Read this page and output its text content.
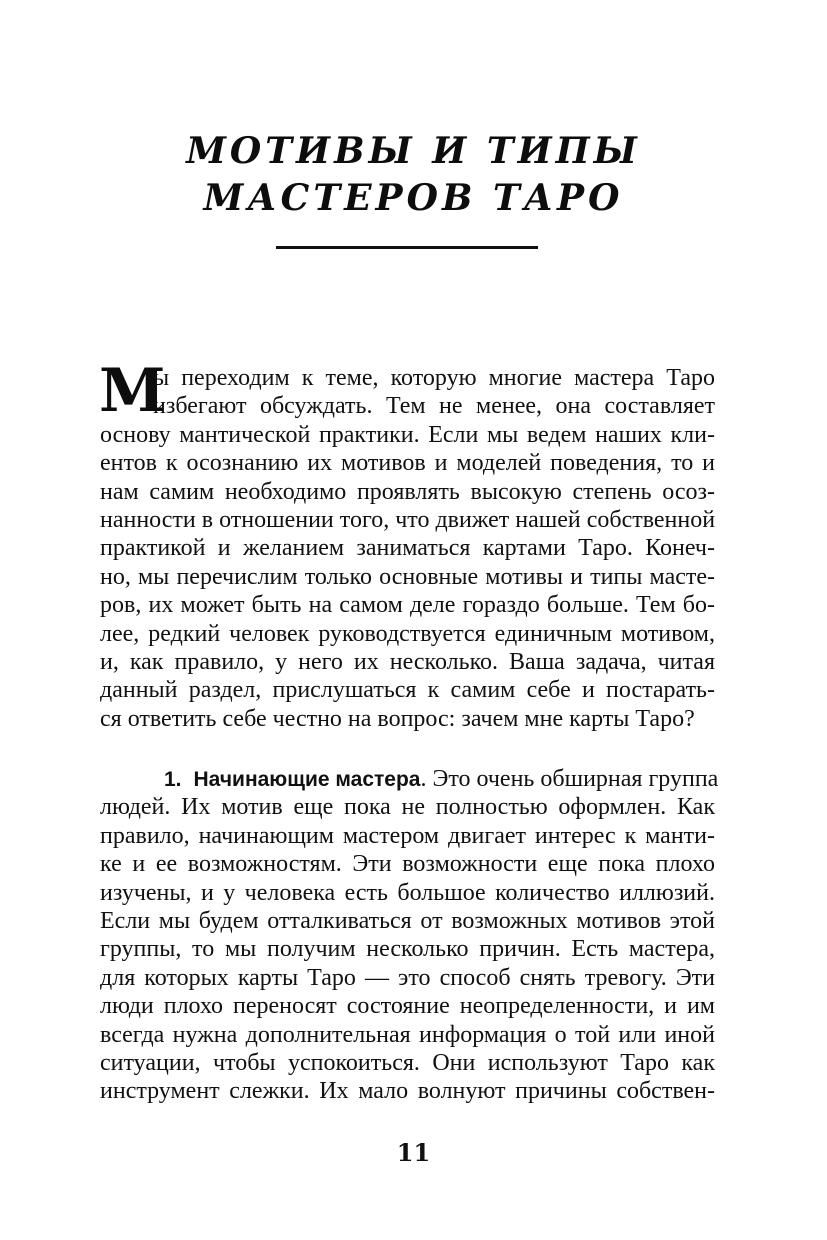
МОТИВЫ И ТИПЫ
МАСТЕРОВ ТАРО
М
ы переходим к теме, которую многие мастера Таро
избегают обсуждать. Тем не менее, она составляет
основу мантической практики. Если мы ведем наших кли-
ентов к осознанию их мотивов и моделей поведения, то и
нам самим необходимо проявлять высокую степень осоз-
нанности в отношении того, что движет нашей собственной
практикой и желанием заниматься картами Таро. Конеч-
но, мы перечислим только основные мотивы и типы масте-
ров, их может быть на самом деле гораздо больше. Тем бо-
лее, редкий человек руководствуется единичным мотивом,
и, как правило, у него их несколько. Ваша задача, читая
данный раздел, прислушаться к самим себе и постарать-
ся ответить себе честно на вопрос: зачем мне карты Таро?
1. Начинающие мастера. Это очень обширная группа
людей. Их мотив еще пока не полностью оформлен. Как
правило, начинающим мастером двигает интерес к манти-
ке и ее возможностям. Эти возможности еще пока плохо
изучены, и у человека есть большое количество иллюзий.
Если мы будем отталкиваться от возможных мотивов этой
группы, то мы получим несколько причин. Есть мастера,
для которых карты Таро — это способ снять тревогу. Эти
люди плохо переносят состояние неопределенности, и им
всегда нужна дополнительная информация о той или иной
ситуации, чтобы успокоиться. Они используют Таро как
инструмент слежки. Их мало волнуют причины собствен-
11
